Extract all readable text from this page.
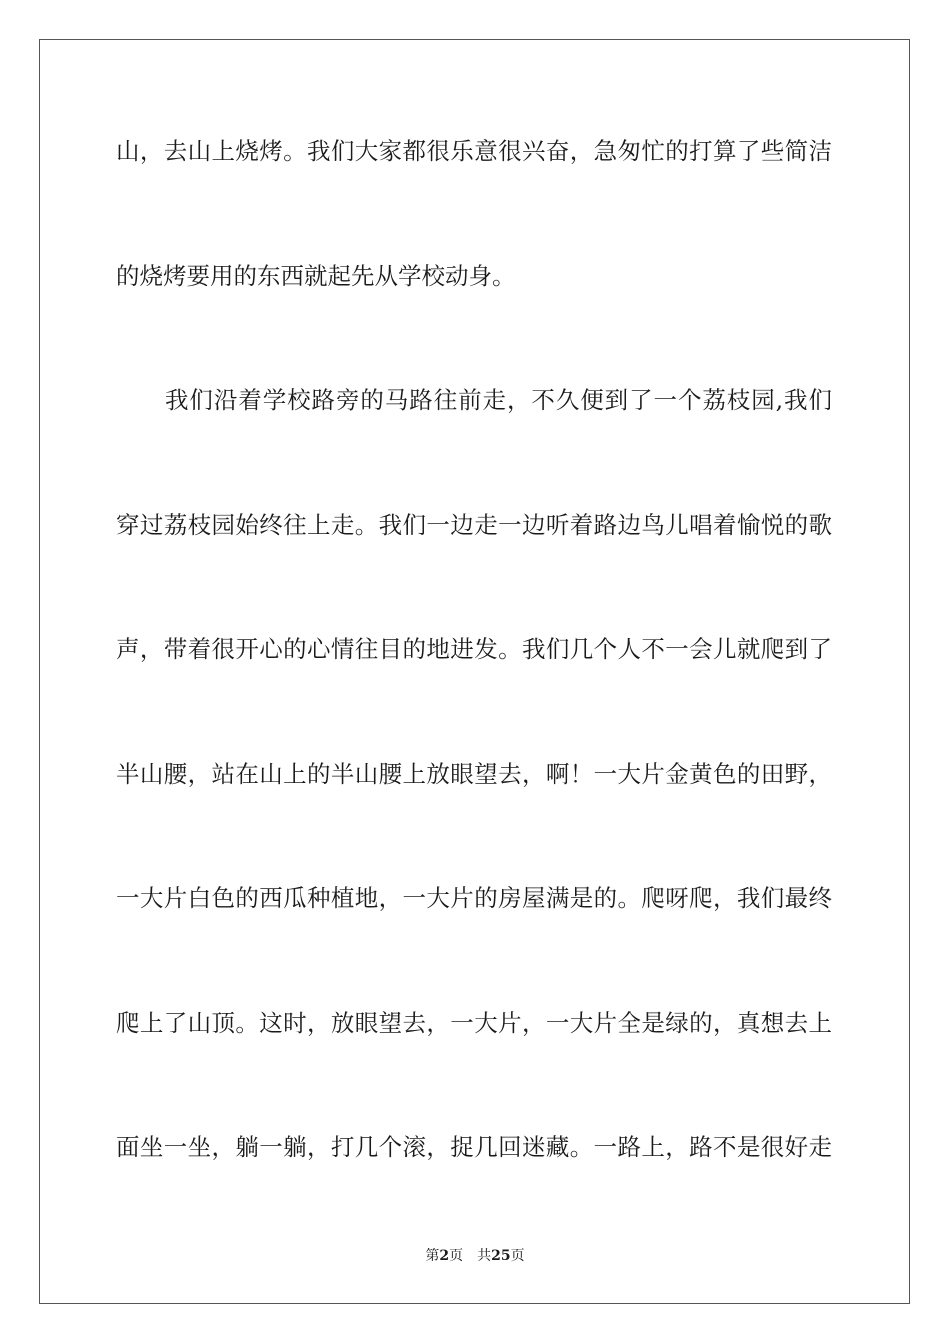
山，去山上烧烤。我们大家都很乐意很兴奋，急匆忙的打算了些简洁
的烧烤要用的东西就起先从学校动身。
我们沿着学校路旁的马路往前走，不久便到了一个荔枝园,我们
穿过荔枝园始终往上走。我们一边走一边听着路边鸟儿唱着愉悦的歌
声，带着很开心的心情往目的地进发。我们几个人不一会儿就爬到了
半山腰，站在山上的半山腰上放眼望去，啊！一大片金黄色的田野，
一大片白色的西瓜种植地，一大片的房屋满是的。爬呀爬，我们最终
爬上了山顶。这时，放眼望去，一大片，一大片全是绿的，真想去上
面坐一坐，躺一躺，打几个滚，捉几回迷藏。一路上，路不是很好走
第2页 共25页
